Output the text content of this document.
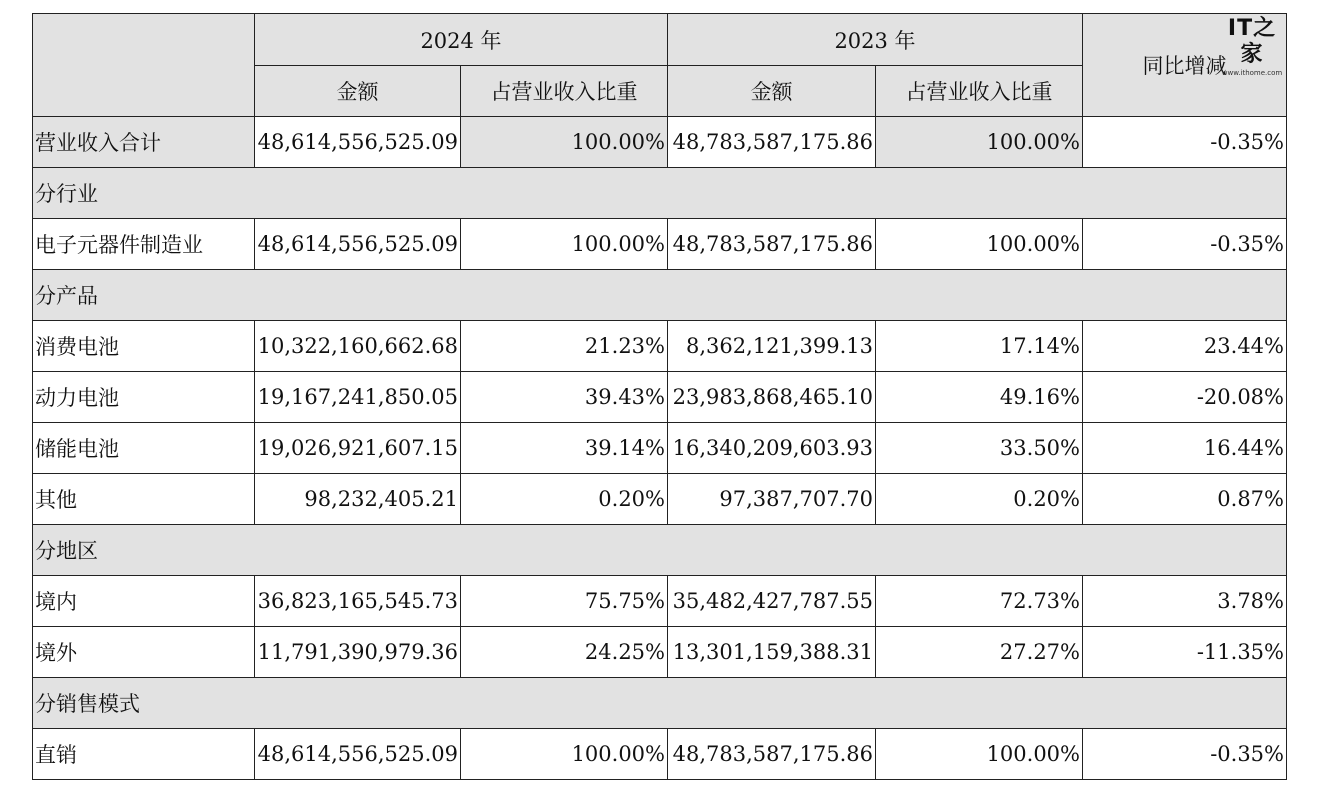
	2024 年		2023 年		同比增减
	金额	占营业收入比重	金额	占营业收入比重	
营业收入合计	48,614,556,525.09	100.00%	48,783,587,175.86	100.00%	-0.35%
分行业					
电子元器件制造业	48,614,556,525.09	100.00%	48,783,587,175.86	100.00%	-0.35%
分产品					
消费电池	10,322,160,662.68	21.23%	8,362,121,399.13	17.14%	23.44%
动力电池	19,167,241,850.05	39.43%	23,983,868,465.10	49.16%	-20.08%
储能电池	19,026,921,607.15	39.14%	16,340,209,603.93	33.50%	16.44%
其他	98,232,405.21	0.20%	97,387,707.70	0.20%	0.87%
分地区					
境内	36,823,165,545.73	75.75%	35,482,427,787.55	72.73%	3.78%
境外	11,791,390,979.36	24.25%	13,301,159,388.31	27.27%	-11.35%
分销售模式					
直销	48,614,556,525.09	100.00%	48,783,587,175.86	100.00%	-0.35%
IT之家
www.ithome.com
